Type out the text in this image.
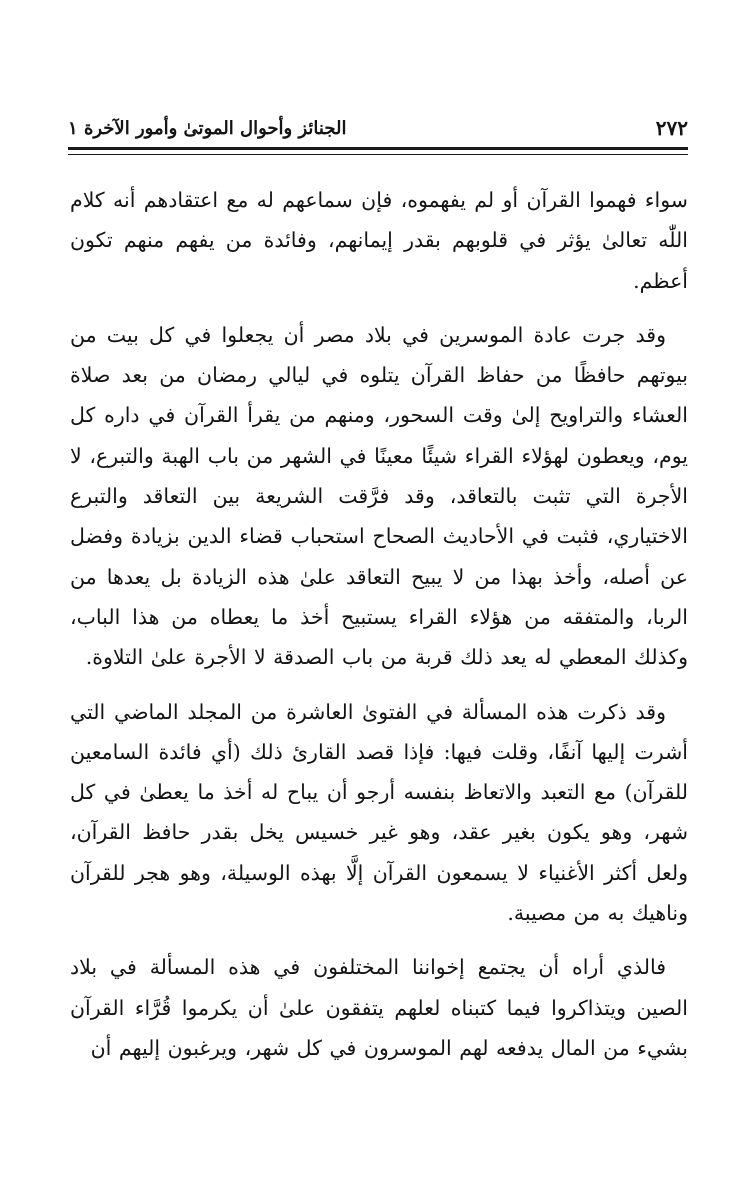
٢٧٢
الجنائز وأحوال الموتىٰ وأمور الآخرة ١

سواء فهموا القرآن أو لم يفهموه، فإن سماعهم له مع اعتقادهم أنه كلام اللّٰه تعالىٰ يؤثر في قلوبهم بقدر إيمانهم، وفائدة من يفهم منهم تكون أعظم.

وقد جرت عادة الموسرين في بلاد مصر أن يجعلوا في كل بيت من بيوتهم حافظًا من حفاظ القرآن يتلوه في ليالي رمضان من بعد صلاة العشاء والتراويح إلىٰ وقت السحور، ومنهم من يقرأ القرآن في داره كل يوم، ويعطون لهؤلاء القراء شيئًا معينًا في الشهر من باب الهبة والتبرع، لا الأجرة التي تثبت بالتعاقد، وقد فرَّقت الشريعة بين التعاقد والتبرع الاختياري، فثبت في الأحاديث الصحاح استحباب قضاء الدين بزيادة وفضل عن أصله، وأخذ بهذا من لا يبيح التعاقد علىٰ هذه الزيادة بل يعدها من الربا، والمتفقه من هؤلاء القراء يستبيح أخذ ما يعطاه من هذا الباب، وكذلك المعطي له يعد ذلك قربة من باب الصدقة لا الأجرة علىٰ التلاوة.

وقد ذكرت هذه المسألة في الفتوىٰ العاشرة من المجلد الماضي التي أشرت إليها آنفًا، وقلت فيها: فإذا قصد القارئ ذلك (أي فائدة السامعين للقرآن) مع التعبد والاتعاظ بنفسه أرجو أن يباح له أخذ ما يعطىٰ في كل شهر، وهو يكون بغير عقد، وهو غير خسيس يخل بقدر حافظ القرآن، ولعل أكثر الأغنياء لا يسمعون القرآن إلَّا بهذه الوسيلة، وهو هجر للقرآن وناهيك به من مصيبة.

فالذي أراه أن يجتمع إخواننا المختلفون في هذه المسألة في بلاد الصين ويتذاكروا فيما كتبناه لعلهم يتفقون علىٰ أن يكرموا قُرَّاء القرآن بشيء من المال يدفعه لهم الموسرون في كل شهر، ويرغبون إليهم أن
